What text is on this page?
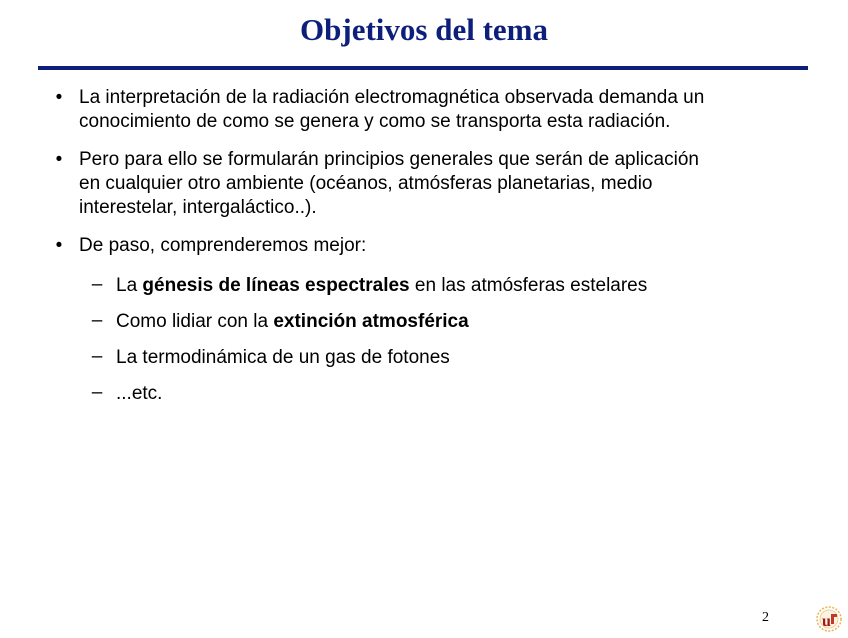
Objetivos del tema
• La interpretación de la radiación electromagnética observada demanda un
conocimiento de como se genera y como se transporta esta radiación.
• Pero para ello se formularán principios generales que serán de aplicación
en cualquier otro ambiente (océanos, atmósferas planetarias, medio
interestelar, intergaláctico..).
• De paso, comprenderemos mejor:
– La génesis de líneas espectrales en las atmósferas estelares
– Como lidiar con la extinción atmosférica
– La termodinámica de un gas de fotones
– ...etc.
2	u
